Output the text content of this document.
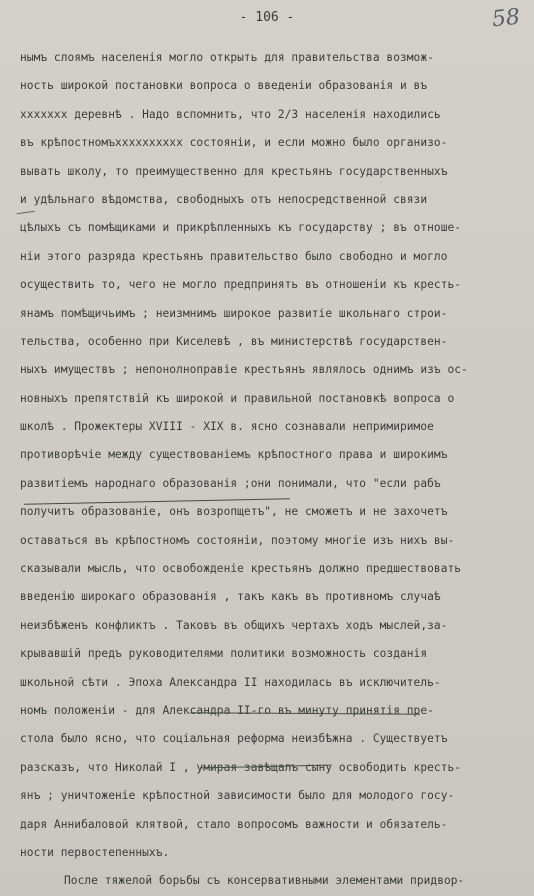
- 106 -	58
нымъ слоямъ населенія могло открыть для правительства возмож-
ность широкой постановки вопроса о введеніи образованія и въ
xxxxxxx деревнѣ . Надо вспомнить, что 2/3 населенія находились
въ крѣпостномъxxxxxxxxxx состояніи, и если можно было организо-
вывать школу, то преимущественно для крестьянъ государственныхъ
и удѣльнаго вѣдомства, свободныхъ отъ непосредственной связи
цѣлыхъ съ помѣщиками и прикрѣпленныхъ къ государству ; въ отноше-
ніи этого разряда крестьянъ правительство было свободно и могло
осуществить то, чего не могло предпринять въ отношеніи къ кресть-
янамъ помѣщичьимъ ; неизмнимъ широкое развитіе школьнаго строи-
тельства, особенно при Киселевѣ , въ министерствѣ государствен-
ныхъ имуществъ ; непонолноправіе крестьянъ являлось однимъ изъ ос-
новныхъ препятствій къ широкой и правильной постановкѣ вопроса о
школѣ . Прожектеры XVIII - XIX в. ясно сознавали непримиримое
противорѣчіе между существованіемъ крѣпостного права и широкимъ
развитіемъ народнаго образованія ;они понимали, что "если рабъ
получитъ образованіе, онъ возропщетъ", не сможетъ и не захочетъ
оставаться въ крѣпостномъ состояніи, поэтому многіе изъ нихъ вы-
сказывали мысль, что освобожденіе крестьянъ должно предшествовать
введенію широкаго образованія , такъ какъ въ противномъ случаѣ
неизбѣженъ конфликтъ . Таковъ въ общихъ чертахъ ходъ мыслей,за-
крывавшій предъ руководителями политики возможность созданія
школьной сѣти . Эпоха Александра II находилась въ исключитель-
номъ положеніи - для Александра II-го въ минуту принятія пре-
стола было ясно, что соціальная реформа неизбѣжна . Существуетъ
разсказъ, что Николай I , умирая завѣщалъ сыну освободить кресть-
янъ ; уничтоженіе крѣпостной зависимости было для молодого госу-
даря Аннибаловой клятвой, стало вопросомъ важности и обязатель-
ности первостепенныхъ.
После тяжелой борьбы съ консервативными элементами придвор-
